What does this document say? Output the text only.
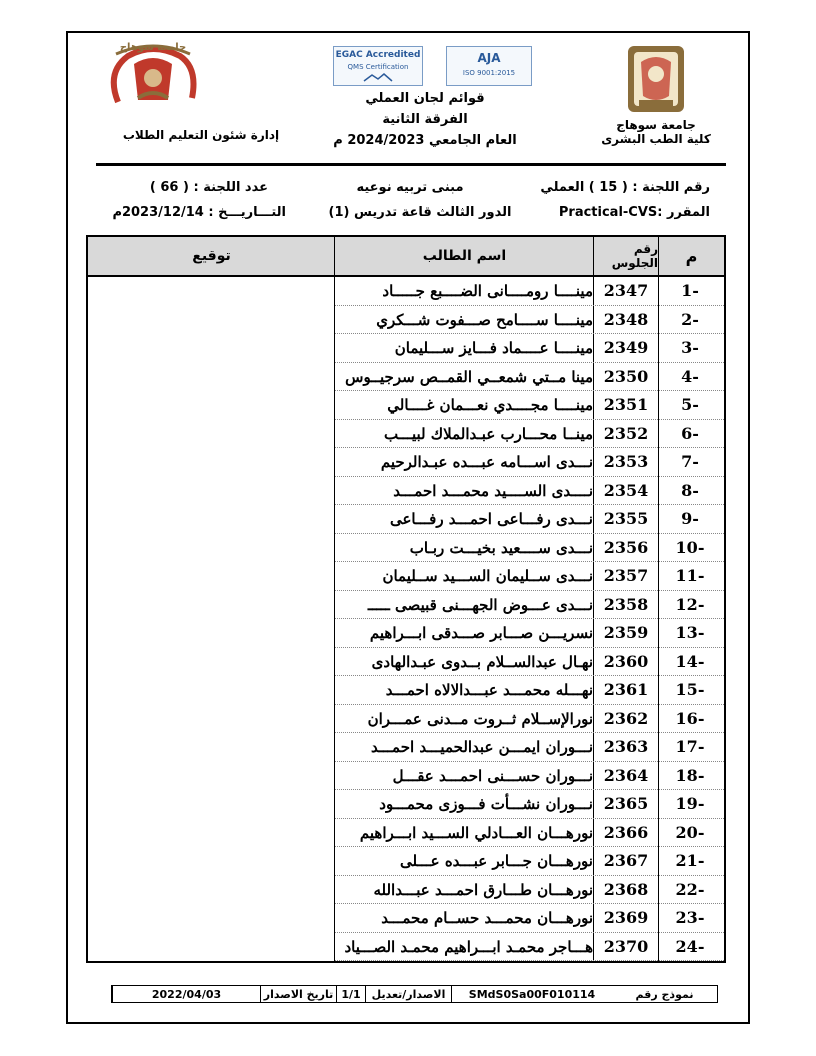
جامعة سوهاج
كلية الطب البشرى
EGAC Accredited
QMS Certification
AJA
ISO 9001:2015
قوائم لجان العملي
الفرقة الثانية
العام الجامعي 2024/2023 م
جامعة سوهاج
إدارة شئون التعليم الطلاب
رقم اللجنة : ( 15 ) العملي
مبنى تربيه نوعيه
عدد اللجنة : ( 66 )
المقرر :Practical-CVS
الدور الثالث قاعة تدريس (1)
التـــاريـــخ : 2023/12/14م
توقيع	اسم الطالب	رقم الجلوس	م
مينــــا رومــــانى الضــــبع جـــــاد 2347	-1
مينــــا ســــامح صـــفوت شـــكري 2348	-2
مينــــا عــــماد فـــايز ســـليمان 2349	-3
مينا مــتي شمعــي القمــص سرجيــوس 2350	-4
مينــــا مجــــدي نعـــمان غــــالي 2351	-5
مينــا محـــارب عبـدالملاك لبيـــب 2352	-6
نـــدى اســـامه عبـــده عبـدالرحيم 2353	-7
نــــدى الســــيد محمـــد احمـــد 2354	-8
نـــدى رفـــاعى احمـــد رفـــاعى 2355	-9
نـــدى ســــعيد بخيـــت ربـاب 2356	-10
نـــدى ســليمان الســـيد ســليمان 2357	-11
نـــدى عـــوض الجهـــنى قبيصى ـــــ 2358	-12
نسريـــن صـــابر صـــدقى ابـــراهيم 2359	-13
نهـال عبدالســلام بــدوى عبـدالهادى 2360	-14
نهـــله محمـــد عبـــدالالاه احمـــد 2361	-15
نورالإســلام ثــروت مــدنى عمـــران 2362	-16
نـــوران ايمـــن عبدالحميـــد احمـــد 2363	-17
نـــوران حســـنى احمـــد عقـــل 2364	-18
نـــوران نشـــأت فـــوزى محمـــود 2365	-19
نورهـــان العـــادلي الســـيد ابـــراهيم 2366	-20
نورهـــان جـــابر عبـــده عـــلى 2367	-21
نورهـــان طـــارق احمـــد عبـــدالله 2368	-22
نورهـــان محمـــد حســام محمـــد 2369	-23
هـــاجر محمـد ابـــراهيم محمـد الصـــياد 2370	-24
نموذج رقم
SMdS0Sa00F010114
الاصدار/تعديل
1/1
تاريخ الاصدار
2022/04/03
